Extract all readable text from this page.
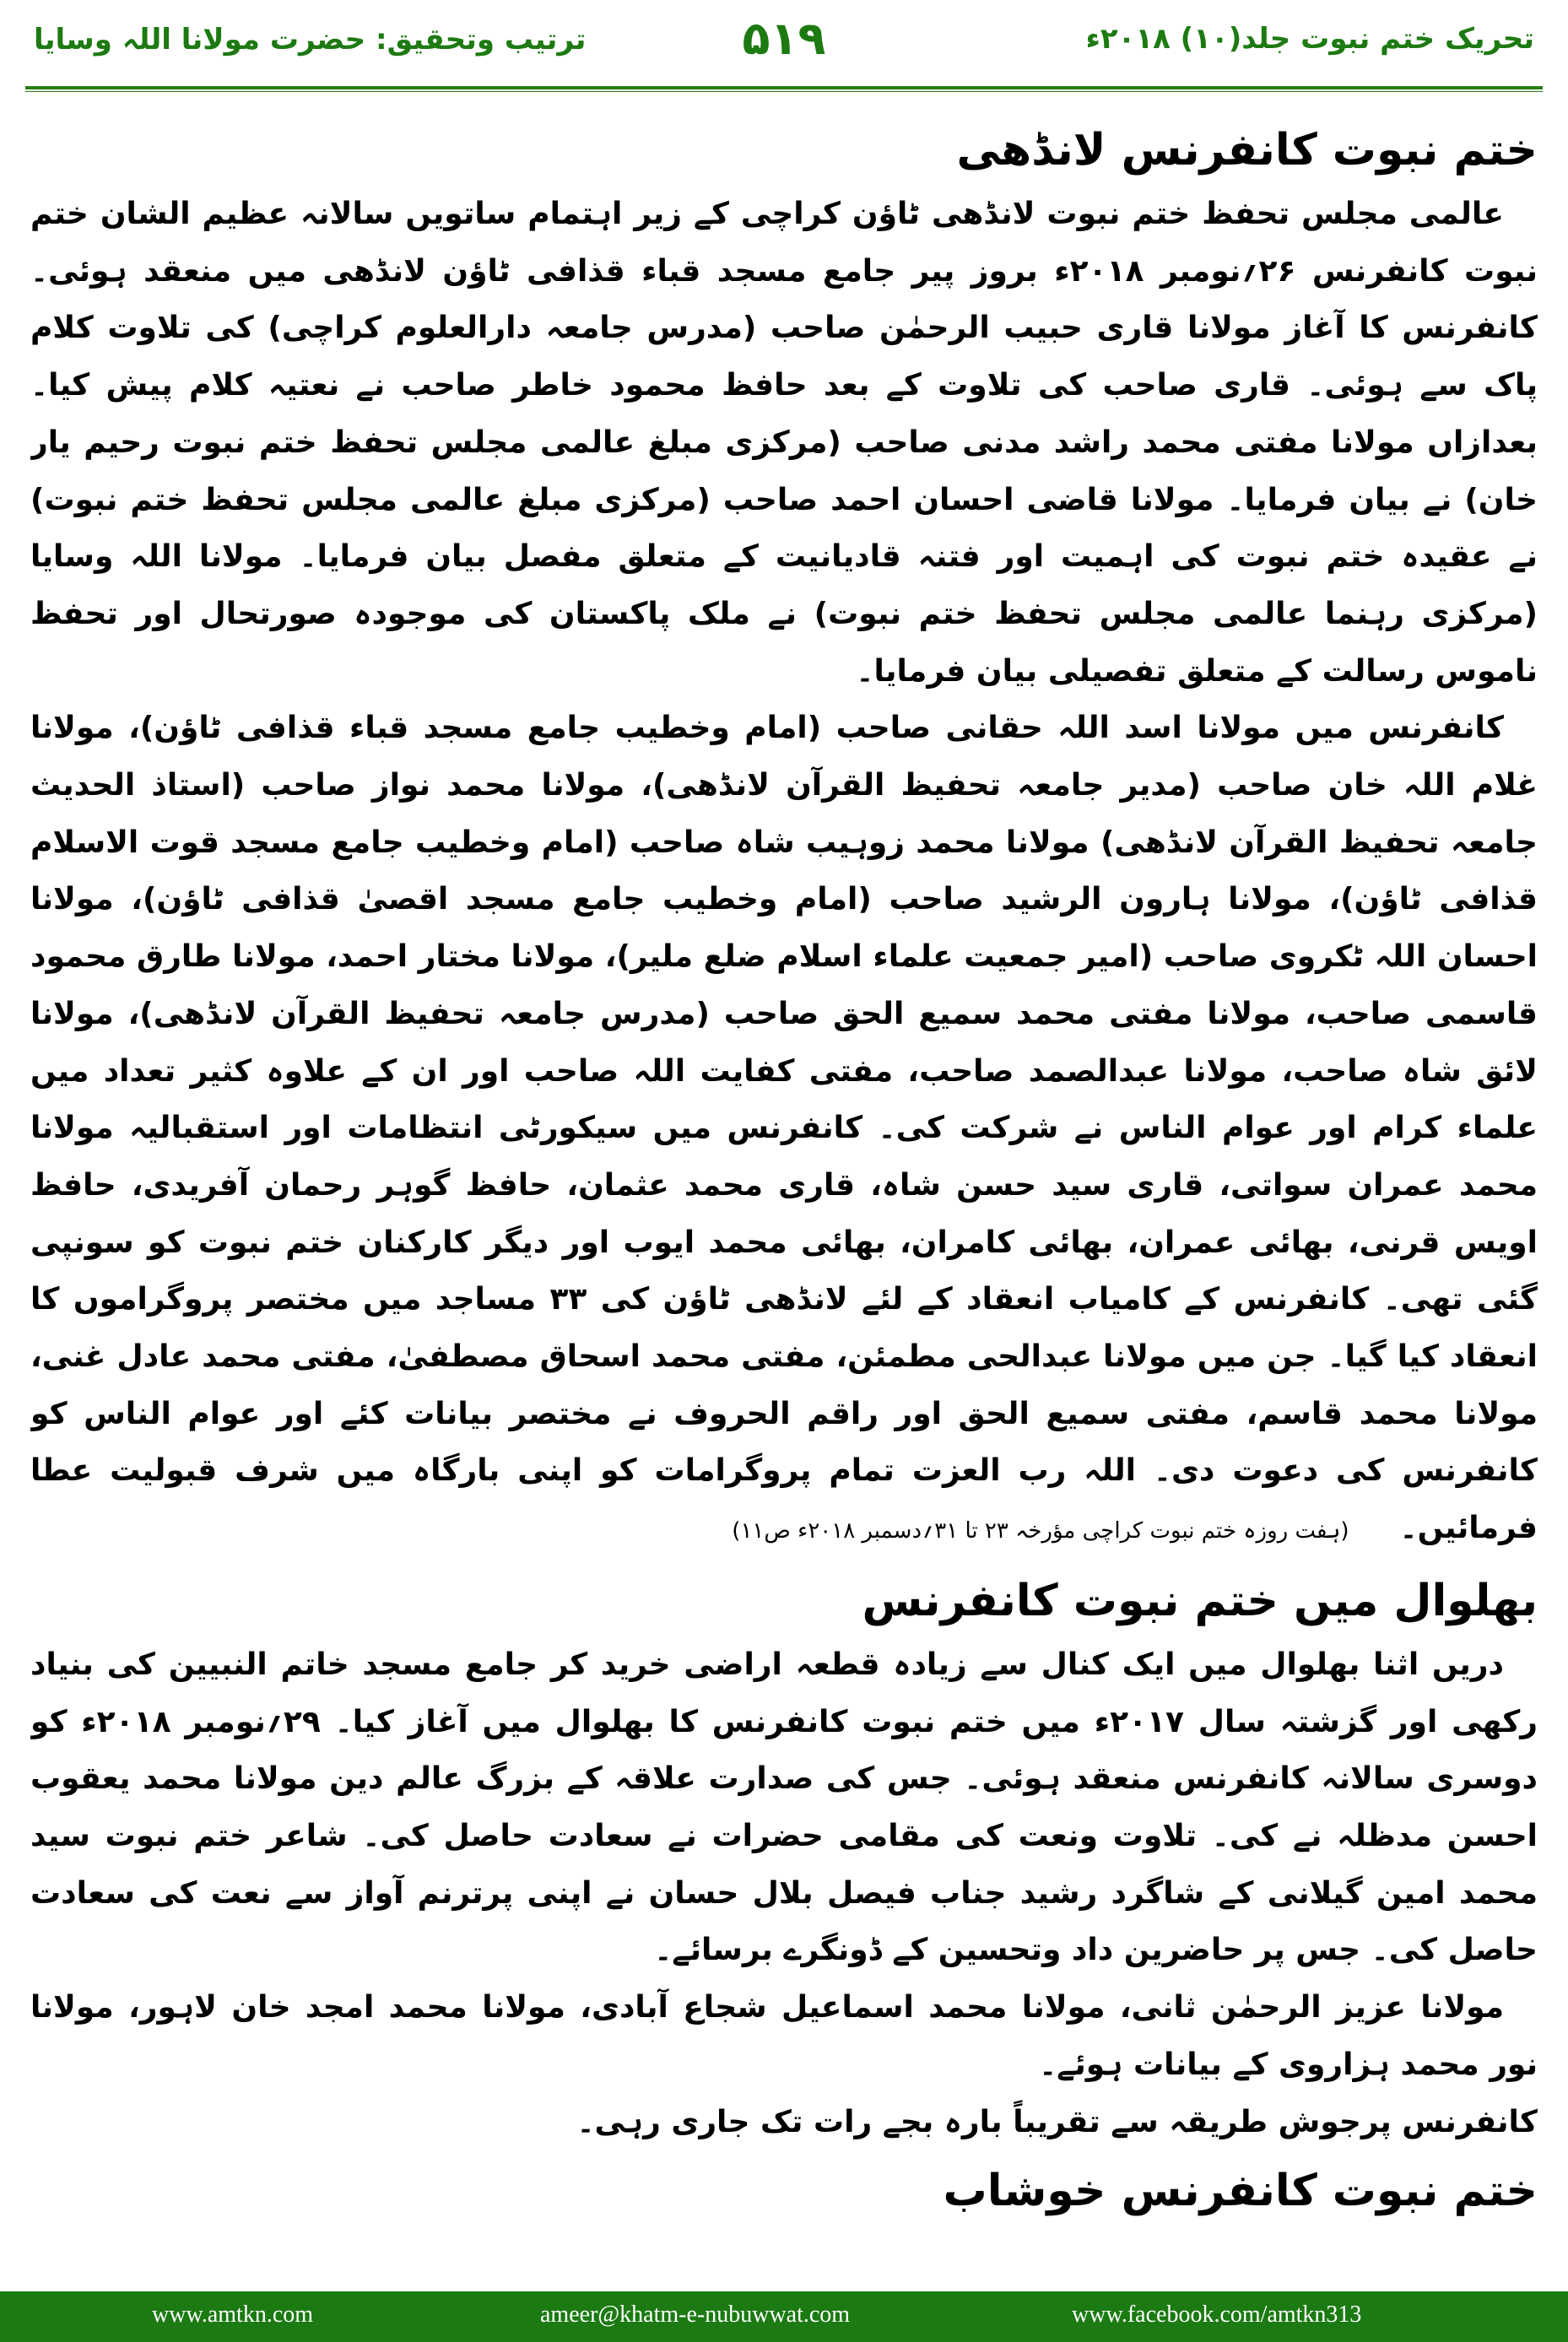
تحریک ختم نبوت جلد(۱۰) ۲۰۱۸ء
۵۱۹
ترتیب وتحقیق: حضرت مولانا اللہ وسایا
ختم نبوت کانفرنس لانڈھی

عالمی مجلس تحفظ ختم نبوت لانڈھی ٹاؤن کراچی کے زیر اہتمام ساتویں سالانہ عظیم الشان ختم نبوت کانفرنس ۲۶؍نومبر ۲۰۱۸ء بروز پیر جامع مسجد قباء قذافی ٹاؤن لانڈھی میں منعقد ہوئی۔ کانفرنس کا آغاز مولانا قاری حبیب الرحمٰن صاحب (مدرس جامعہ دارالعلوم کراچی) کی تلاوت کلام پاک سے ہوئی۔ قاری صاحب کی تلاوت کے بعد حافظ محمود خاطر صاحب نے نعتیہ کلام پیش کیا۔ بعدازاں مولانا مفتی محمد راشد مدنی صاحب (مرکزی مبلغ عالمی مجلس تحفظ ختم نبوت رحیم یار خان) نے بیان فرمایا۔ مولانا قاضی احسان احمد صاحب (مرکزی مبلغ عالمی مجلس تحفظ ختم نبوت) نے عقیدہ ختم نبوت کی اہمیت اور فتنہ قادیانیت کے متعلق مفصل بیان فرمایا۔ مولانا اللہ وسایا (مرکزی رہنما عالمی مجلس تحفظ ختم نبوت) نے ملک پاکستان کی موجودہ صورتحال اور تحفظ ناموس رسالت کے متعلق تفصیلی بیان فرمایا۔

کانفرنس میں مولانا اسد اللہ حقانی صاحب (امام وخطیب جامع مسجد قباء قذافی ٹاؤن)، مولانا غلام اللہ خان صاحب (مدیر جامعہ تحفیظ القرآن لانڈھی)، مولانا محمد نواز صاحب (استاذ الحدیث جامعہ تحفیظ القرآن لانڈھی) مولانا محمد زوہیب شاہ صاحب (امام وخطیب جامع مسجد قوت الاسلام قذافی ٹاؤن)، مولانا ہارون الرشید صاحب (امام وخطیب جامع مسجد اقصیٰ قذافی ٹاؤن)، مولانا احسان اللہ ٹکروی صاحب (امیر جمعیت علماء اسلام ضلع ملیر)، مولانا مختار احمد، مولانا طارق محمود قاسمی صاحب، مولانا مفتی محمد سمیع الحق صاحب (مدرس جامعہ تحفیظ القرآن لانڈھی)، مولانا لائق شاہ صاحب، مولانا عبدالصمد صاحب، مفتی کفایت اللہ صاحب اور ان کے علاوہ کثیر تعداد میں علماء کرام اور عوام الناس نے شرکت کی۔ کانفرنس میں سیکورٹی انتظامات اور استقبالیہ مولانا محمد عمران سواتی، قاری سید حسن شاہ، قاری محمد عثمان، حافظ گوہر رحمان آفریدی، حافظ اویس قرنی، بھائی عمران، بھائی کامران، بھائی محمد ایوب اور دیگر کارکنان ختم نبوت کو سونپی گئی تھی۔ کانفرنس کے کامیاب انعقاد کے لئے لانڈھی ٹاؤن کی ۳۳ مساجد میں مختصر پروگراموں کا انعقاد کیا گیا۔ جن میں مولانا عبدالحی مطمئن، مفتی محمد اسحاق مصطفیٰ، مفتی محمد عادل غنی، مولانا محمد قاسم، مفتی سمیع الحق اور راقم الحروف نے مختصر بیانات کئے اور عوام الناس کو کانفرنس کی دعوت دی۔ اللہ رب العزت تمام پروگرامات کو اپنی بارگاہ میں شرف قبولیت عطا فرمائیں۔(ہفت روزہ ختم نبوت کراچی مؤرخہ ۲۳ تا ۳۱؍دسمبر ۲۰۱۸ء ص۱۱)

بھلوال میں ختم نبوت کانفرنس

دریں اثنا بھلوال میں ایک کنال سے زیادہ قطعہ اراضی خرید کر جامع مسجد خاتم النبیین کی بنیاد رکھی اور گزشتہ سال ۲۰۱۷ء میں ختم نبوت کانفرنس کا بھلوال میں آغاز کیا۔ ۲۹؍نومبر ۲۰۱۸ء کو دوسری سالانہ کانفرنس منعقد ہوئی۔ جس کی صدارت علاقہ کے بزرگ عالم دین مولانا محمد یعقوب احسن مدظلہ نے کی۔ تلاوت ونعت کی مقامی حضرات نے سعادت حاصل کی۔ شاعر ختم نبوت سید محمد امین گیلانی کے شاگرد رشید جناب فیصل بلال حسان نے اپنی پرترنم آواز سے نعت کی سعادت حاصل کی۔ جس پر حاضرین داد وتحسین کے ڈونگرے برسائے۔

مولانا عزیز الرحمٰن ثانی، مولانا محمد اسماعیل شجاع آبادی، مولانا محمد امجد خان لاہور، مولانا نور محمد ہزاروی کے بیانات ہوئے۔

کانفرنس پرجوش طریقہ سے تقریباً بارہ بجے رات تک جاری رہی۔

ختم نبوت کانفرنس خوشاب

www.amtkn.com	ameer@khatm-e-nubuwwat.com	www.facebook.com/amtkn313
